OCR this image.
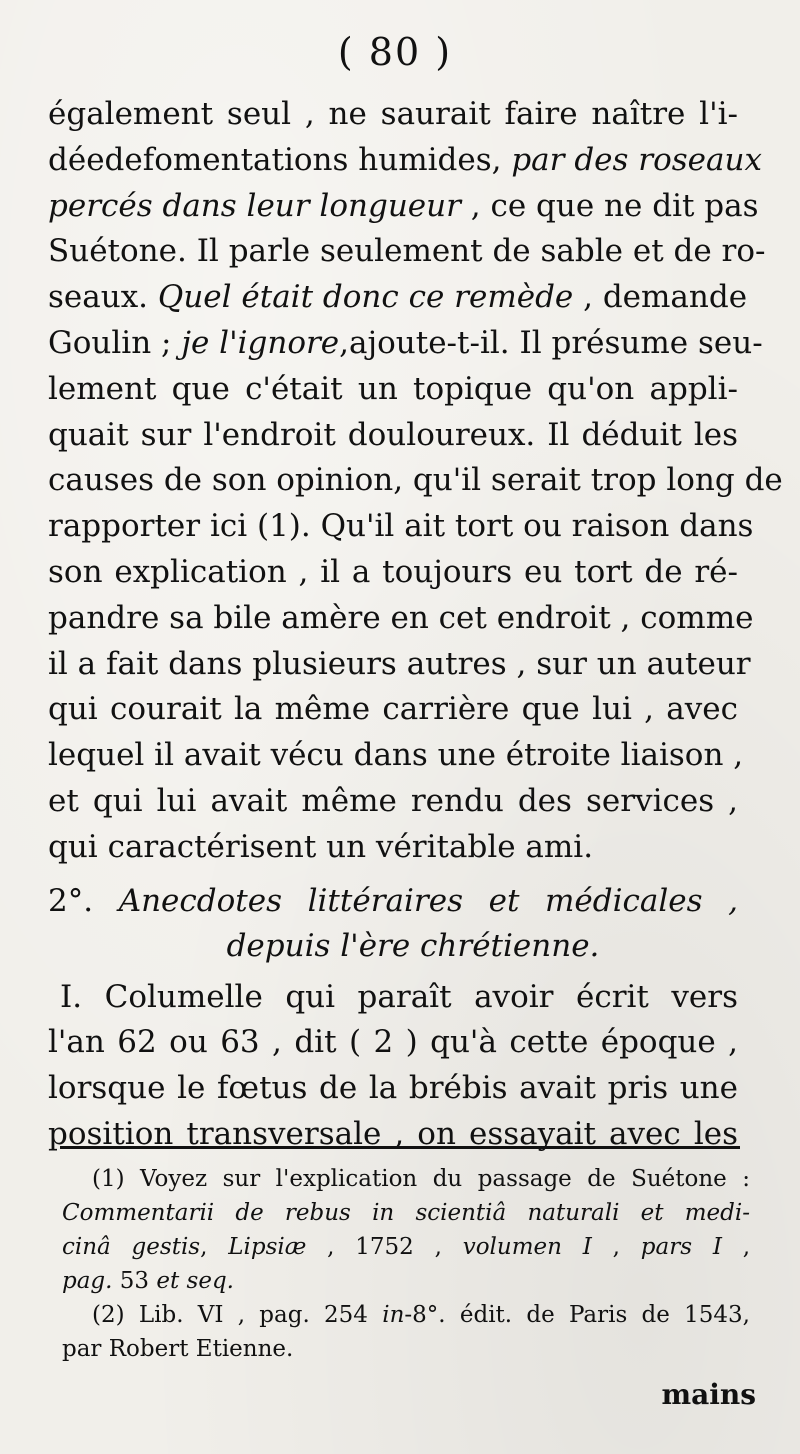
( 80 )
également seul , ne saurait faire naître l'i-
déedefomentations humides, par des roseaux
percés dans leur longueur , ce que ne dit pas
Suétone. Il parle seulement de sable et de ro-
seaux. Quel était donc ce remède , demande
Goulin ; je l'ignore,ajoute-t-il. Il présume seu-
lement que c'était un topique qu'on appli-
quait sur l'endroit douloureux. Il déduit les
causes de son opinion, qu'il serait trop long de
rapporter ici (1). Qu'il ait tort ou raison dans
son explication , il a toujours eu tort de ré-
pandre sa bile amère en cet endroit , comme
il a fait dans plusieurs autres , sur un auteur
qui courait la même carrière que lui , avec
lequel il avait vécu dans une étroite liaison ,
et qui lui avait même rendu des services ,
qui caractérisent un véritable ami.
2°. Anecdotes littéraires et médicales ,
depuis l'ère chrétienne.
I. Columelle qui paraît avoir écrit vers
l'an 62 ou 63 , dit ( 2 ) qu'à cette époque ,
lorsque le fœtus de la brébis avait pris une
position transversale , on essayait avec les
(1) Voyez sur l'explication du passage de Suétone :
Commentarii de rebus in scientiâ naturali et medi-
cinâ gestis, Lipsiæ , 1752 , volumen I , pars I ,
pag. 53 et seq.
(2) Lib. VI , pag. 254 in-8°. édit. de Paris de 1543,
par Robert Etienne.
mains
